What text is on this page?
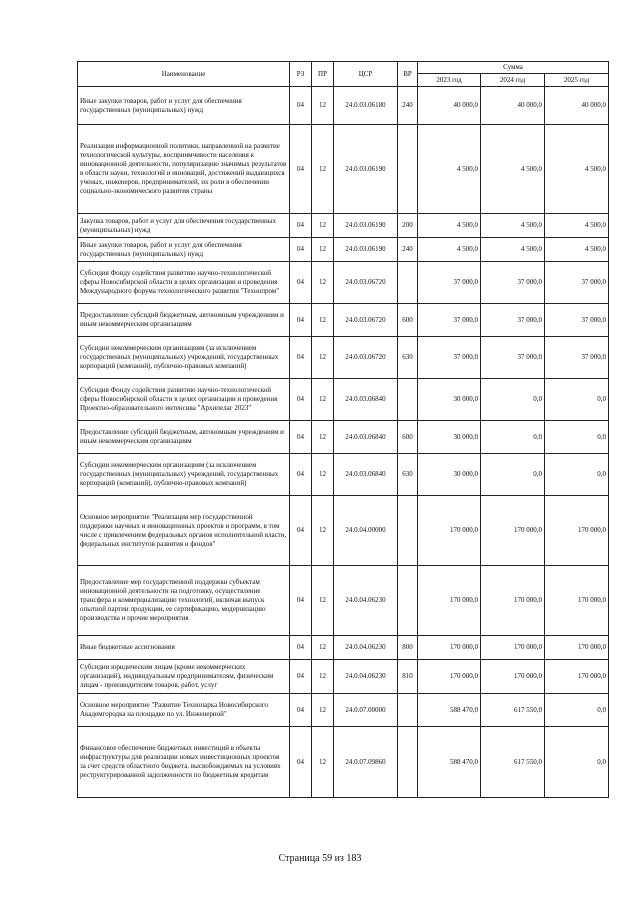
Наименование	РЗ	ПР	ЦСР	ВР	Сумма		
					2023 год	2024 год	2025 год
Иные закупки товаров, работ и услуг для обеспечения государственных (муниципальных) нужд	04	12	24.0.03.06180	240	40 000,0	40 000,0	40 000,0
Реализация информационной политики, направленной на развитие технологической культуры, восприимчивости населения к инновационной деятельности, популяризацию значимых результатов в области науки, технологий и инноваций, достижений выдающихся ученых, инженеров, предпринимателей, их роли в обеспечении социально-экономического развития страны	04	12	24.0.03.06190		4 500,0	4 500,0	4 500,0
Закупка товаров, работ и услуг для обеспечения государственных (муниципальных) нужд	04	12	24.0.03.06190	200	4 500,0	4 500,0	4 500,0
Иные закупки товаров, работ и услуг для обеспечения государственных (муниципальных) нужд	04	12	24.0.03.06190	240	4 500,0	4 500,0	4 500,0
Субсидия Фонду содействия развитию научно-технологической сферы Новосибирской области в целях организации и проведения Международного форума технологического развития "Технопром"	04	12	24.0.03.06720		37 000,0	37 000,0	37 000,0
Предоставление субсидий бюджетным, автономным учреждениям и иным некоммерческим организациям	04	12	24.0.03.06720	600	37 000,0	37 000,0	37 000,0
Субсидии некоммерческим организациям (за исключением государственных (муниципальных) учреждений, государственных корпораций (компаний), публично-правовых компаний)	04	12	24.0.03.06720	630	37 000,0	37 000,0	37 000,0
Субсидия Фонду содействия развитию научно-технологической сферы Новосибирской области в целях организации и проведения Проектно-образовательного интенсива "Архипелаг 2023"	04	12	24.0.03.06840		30 000,0	0,0	0,0
Предоставление субсидий бюджетным, автономным учреждениям и иным некоммерческим организациям	04	12	24.0.03.06840	600	30 000,0	0,0	0,0
Субсидии некоммерческим организациям (за исключением государственных (муниципальных) учреждений, государственных корпораций (компаний), публично-правовых компаний)	04	12	24.0.03.06840	630	30 000,0	0,0	0,0
Основное мероприятие "Реализация мер государственной поддержки научных и инновационных проектов и программ, в том числе с привлечением федеральных органов исполнительной власти, федеральных институтов развития и фондов"	04	12	24.0.04.00000		170 000,0	170 000,0	170 000,0
Предоставление мер государственной поддержки субъектам инновационной деятельности на подготовку, осуществление трансфера и коммерциализацию технологий, включая выпуск опытной партии продукции, ее сертификацию, модернизацию производства и прочие мероприятия	04	12	24.0.04.06230		170 000,0	170 000,0	170 000,0
Иные бюджетные ассигнования	04	12	24.0.04.06230	800	170 000,0	170 000,0	170 000,0
Субсидии юридическим лицам (кроме некоммерческих организаций), индивидуальным предпринимателям, физическим лицам - производителям товаров, работ, услуг	04	12	24.0.04.06230	810	170 000,0	170 000,0	170 000,0
Основное мероприятие "Развитие Технопарка Новосибирского Академгородка на площадке по ул. Инженерной"	04	12	24.0.07.00000		588 470,0	617 550,0	0,0
Финансовое обеспечение бюджетных инвестиций в объекты инфраструктуры для реализации новых инвестиционных проектов за счет средств областного бюджета, высвобождаемых на условиях реструктурированной задолженности по бюджетным кредитам	04	12	24.0.07.09860		588 470,0	617 550,0	0,0
Страница 59 из 183
